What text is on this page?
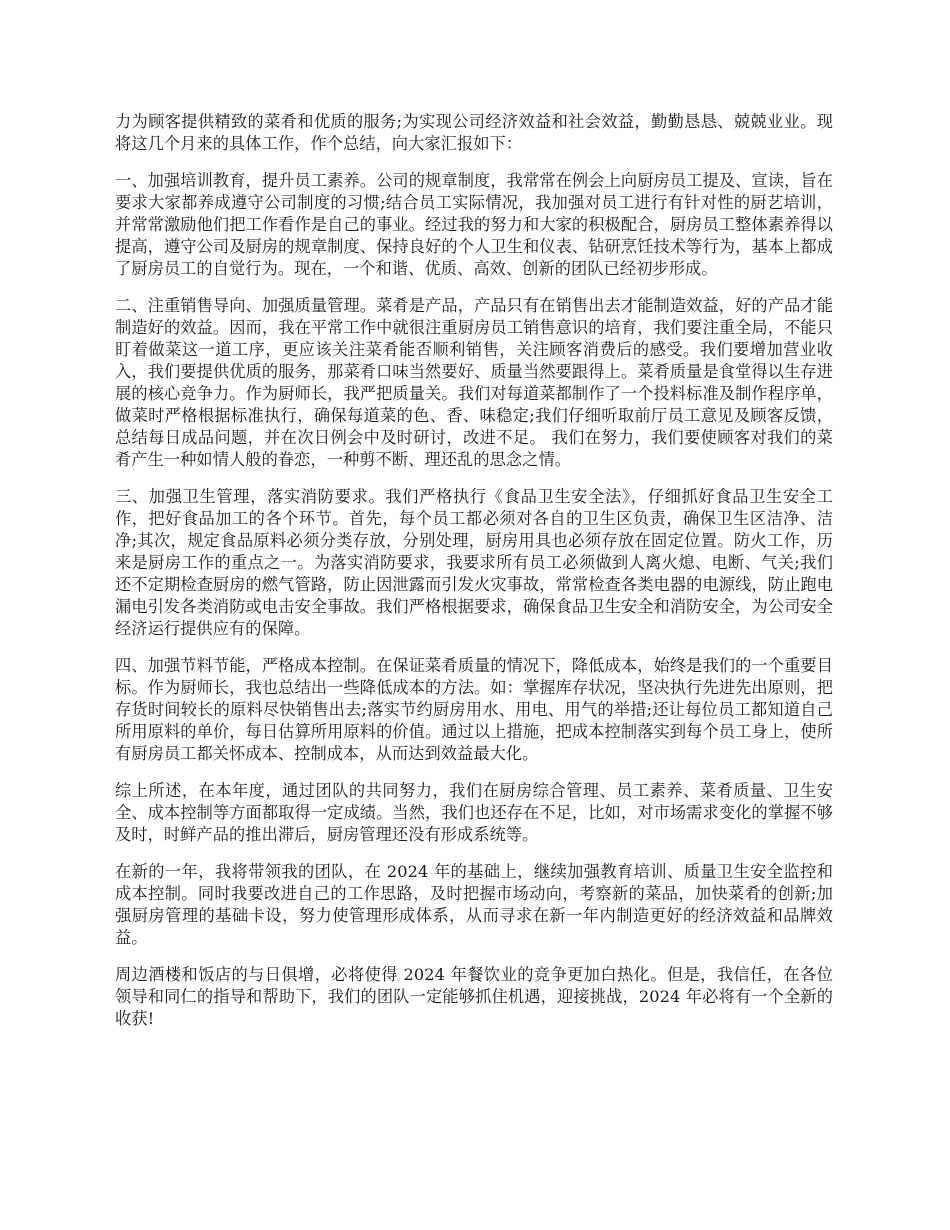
力为顾客提供精致的菜肴和优质的服务;为实现公司经济效益和社会效益，勤勤恳恳、兢兢业业。现将这几个月来的具体工作，作个总结，向大家汇报如下：

一、加强培训教育，提升员工素养。公司的规章制度，我常常在例会上向厨房员工提及、宣读，旨在要求大家都养成遵守公司制度的习惯;结合员工实际情况，我加强对员工进行有针对性的厨艺培训，并常常激励他们把工作看作是自己的事业。经过我的努力和大家的积极配合，厨房员工整体素养得以提高，遵守公司及厨房的规章制度、保持良好的个人卫生和仪表、钻研烹饪技术等行为，基本上都成了厨房员工的自觉行为。现在，一个和谐、优质、高效、创新的团队已经初步形成。

二、注重销售导向、加强质量管理。菜肴是产品，产品只有在销售出去才能制造效益，好的产品才能制造好的效益。因而，我在平常工作中就很注重厨房员工销售意识的培育，我们要注重全局，不能只盯着做菜这一道工序，更应该关注菜肴能否顺利销售，关注顾客消费后的感受。我们要增加营业收入，我们要提供优质的服务，那菜肴口味当然要好、质量当然要跟得上。菜肴质量是食堂得以生存进展的核心竞争力。作为厨师长，我严把质量关。我们对每道菜都制作了一个投料标准及制作程序单，做菜时严格根据标准执行，确保每道菜的色、香、味稳定;我们仔细听取前厅员工意见及顾客反馈，总结每日成品问题，并在次日例会中及时研讨，改进不足。 我们在努力，我们要使顾客对我们的菜肴产生一种如情人般的眷恋，一种剪不断、理还乱的思念之情。

三、加强卫生管理，落实消防要求。我们严格执行《食品卫生安全法》，仔细抓好食品卫生安全工作，把好食品加工的各个环节。首先，每个员工都必须对各自的卫生区负责，确保卫生区洁净、洁净;其次，规定食品原料必须分类存放，分别处理，厨房用具也必须存放在固定位置。防火工作，历来是厨房工作的重点之一。为落实消防要求，我要求所有员工必须做到人离火熄、电断、气关;我们还不定期检查厨房的燃气管路，防止因泄露而引发火灾事故，常常检查各类电器的电源线，防止跑电漏电引发各类消防或电击安全事故。我们严格根据要求，确保食品卫生安全和消防安全，为公司安全经济运行提供应有的保障。

四、加强节料节能，严格成本控制。在保证菜肴质量的情况下，降低成本，始终是我们的一个重要目标。作为厨师长，我也总结出一些降低成本的方法。如：掌握库存状况，坚决执行先进先出原则，把存货时间较长的原料尽快销售出去;落实节约厨房用水、用电、用气的举措;还让每位员工都知道自己所用原料的单价，每日估算所用原料的价值。通过以上措施，把成本控制落实到每个员工身上，使所有厨房员工都关怀成本、控制成本，从而达到效益最大化。

综上所述，在本年度，通过团队的共同努力，我们在厨房综合管理、员工素养、菜肴质量、卫生安全、成本控制等方面都取得一定成绩。当然，我们也还存在不足，比如，对市场需求变化的掌握不够及时，时鲜产品的推出滞后，厨房管理还没有形成系统等。

在新的一年，我将带领我的团队，在 2024 年的基础上，继续加强教育培训、质量卫生安全监控和成本控制。同时我要改进自己的工作思路，及时把握市场动向，考察新的菜品，加快菜肴的创新;加强厨房管理的基础卡设，努力使管理形成体系，从而寻求在新一年内制造更好的经济效益和品牌效益。

周边酒楼和饭店的与日俱增，必将使得 2024 年餐饮业的竞争更加白热化。但是，我信任，在各位领导和同仁的指导和帮助下，我们的团队一定能够抓住机遇，迎接挑战，2024 年必将有一个全新的收获!
